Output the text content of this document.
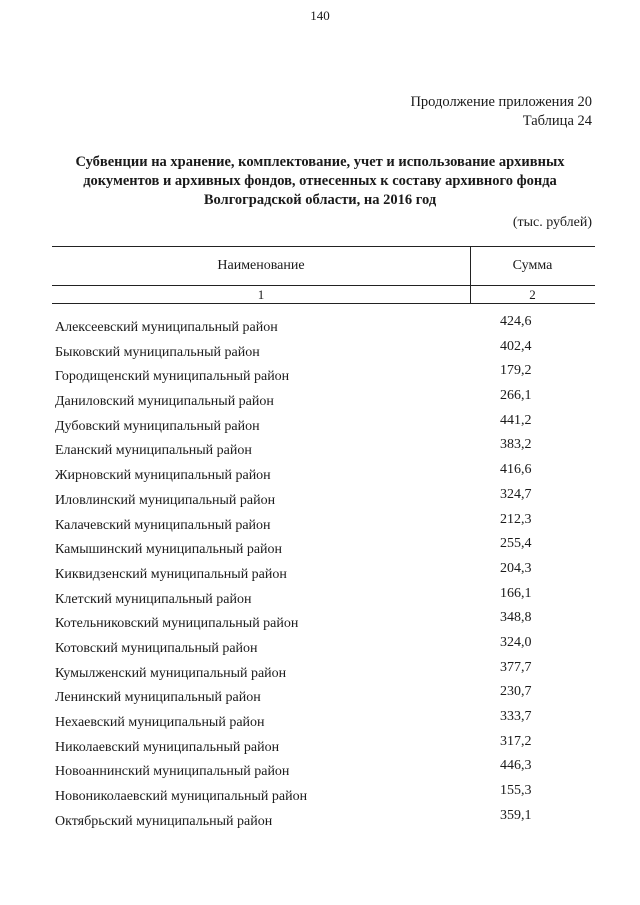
140
Продолжение приложения 20
Таблица 24
Субвенции на хранение, комплектование, учет и использование архивных
документов и архивных фондов, отнесенных к составу архивного фонда
Волгоградской области, на 2016 год
(тыс. рублей)
Наименование	Сумма
1	2
Алексеевский муниципальный район	424,6
Быковский муниципальный район	402,4
Городищенский муниципальный район	179,2
Даниловский муниципальный район	266,1
Дубовский муниципальный район	441,2
Еланский муниципальный район	383,2
Жирновский муниципальный район	416,6
Иловлинский муниципальный район	324,7
Калачевский муниципальный район	212,3
Камышинский муниципальный район	255,4
Киквидзенский муниципальный район	204,3
Клетский муниципальный район	166,1
Котельниковский муниципальный район	348,8
Котовский муниципальный район	324,0
Кумылженский муниципальный район	377,7
Ленинский муниципальный район	230,7
Нехаевский муниципальный район	333,7
Николаевский муниципальный район	317,2
Новоаннинский муниципальный район	446,3
Новониколаевский муниципальный район	155,3
Октябрьский муниципальный район	359,1
